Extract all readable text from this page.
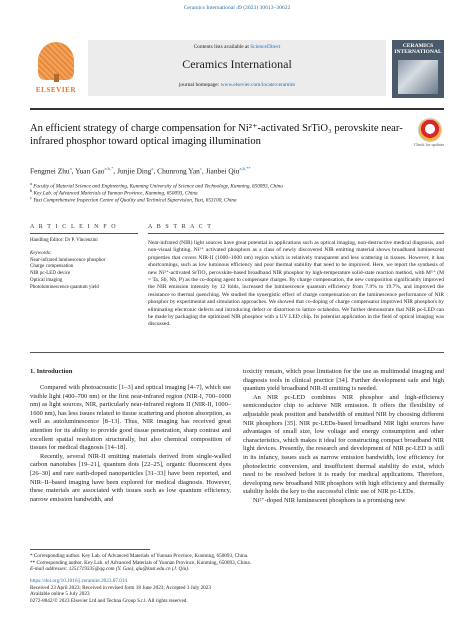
Ceramics International 49 (2023) 30613–30622
ELSEVIER
Contents lists available at ScienceDirect
Ceramics International
journal homepage: www.elsevier.com/locate/ceramint
CERAMICS INTERNATIONAL
An efficient strategy of charge compensation for Ni²⁺-activated SrTiO₃ perovskite near-infrared phosphor toward optical imaging illumination	Check for updates
Fengmei Zhu$^a$, Yuan Gao$^{a,b,*}$, Junjie Ding$^a$, Chunrong Yan$^c$, Jianbei Qiu$^{a,b,**}$
$^a$ Faculty of Material Science and Engineering, Kunming University of Science and Technology, Kunming, 650093, China
$^b$ Key Lab. of Advanced Materials of Yunnan Province, Kunming, 650093, China
$^c$ Yuxi Comprehensive Inspection Centre of Quality and Technical Supervision, Yuxi, 653100, China
A R T I C L E I N F O	A B S T R A C T

Handling Editor: Dr P. Vincenzini

Keywords:

Near-infrared luminescence phosphor

Charge compensation

NIR pc-LED device

Optical imaging

Photoluminescence quantum yield

Near-infrared (NIR) light sources have great potential in applications such as optical imaging, non-destructive medical diagnosis, and non-visual lighting. Ni²⁺ activated phosphors as a class of newly discovered NIR emitting material shows broadband luminescent properties that covers NIR-II (1000–1600 nm) region which is relatively transparent and less scattering in tissues. However, it has shortcomings, such as low luminous efficiency and poor thermal stability that need to be improved. Here, we report the synthesis of new Ni²⁺-activated SrTiO₃ perovskite-based broadband NIR phosphor by high-temperature solid-state reaction method, with M⁵⁺ (M = Ta, Sb, Nb, P) as the co-doping agent to compensate charges. By charge compensation, the new composition significantly improved the NIR emission intensity by 12 folds, increased the luminescence quantum efficiency from 7.9% to 19.7%, and improved the resistance to thermal quenching. We studied the synergistic effect of charge compensation on the luminescence performance of NIR phosphor by experimental and simulation approaches. We showed that co-doping of charge compensator improved NIR phosphors by eliminating electronic defects and introducing defect or distortion to lattice octahedra. We further demonstrate that NIR pc-LED can be made by packaging the optimized NIR phosphor with a UV LED chip. Its potential application in the field of optical imaging was discussed.
1. Introduction

Compared with photoacoustic [1–3] and optical imaging [4–7], which use visible light (400–700 nm) or the first near-infrared region (NIR-I, 700–1000 nm) as light sources, NIR, particularly near-infrared regions II (NIR-II, 1000–1600 nm), has less issues related to tissue scattering and photon absorption, as well as autoluminescence [8–13]. Thus, NIR imaging has received great attention for its ability to provide good tissue penetration, sharp contrast and excellent spatial resolution structurally, but also chemical composition of tissues for medical diagnosis [14–18].

Recently, several NIR-II emitting materials derived from single-walled carbon nanotubes [19–21], quantum dots [22–25], organic fluorescent dyes [26–30] and rare earth-doped nanoparticles [31–33] have been reported, and NIR–II–based imaging have been explored for medical diagnosis. However, these materials are associated with issues such as low quantum efficiency, narrow emission bandwidth, and

toxicity remain, which pose limitation for the use as multimodal imaging and diagnosis tools in clinical practice [34]. Further development safe and high quantum yield broadband NIR-II emitting is needed.

An NIR pc-LED combines NIR phosphor and high-efficiency semiconductor chip to achieve NIR emission. It offers the flexibility of adjustable peak position and bandwidth of emitted NIR by choosing different NIR phosphors [35]. NIR pc-LEDs-based broadband NIR light sources have advantages of small size, low voltage and energy consumption and other characteristics, which makes it ideal for constructing compact broadband NIR light devices. Presently, the research and development of NIR pc-LED is still in its infancy, issues such as narrow emission bandwidth, low efficiency for photoelectric conversion, and insufficient thermal stability do exist, which need to be resolved before it is ready for medical applications. Therefore, developing new broadband NIR phosphors with high efficiency and thermally stability holds the key to the successful clinic use of NIR pc-LEDs.

Ni²⁺-doped NIR luminescent phosphors is a promising new

* Corresponding author. Key Lab. of Advanced Materials of Yunnan Province, Kunming, 650093, China.

** Corresponding author. Key Lab. of Advanced Materials of Yunnan Province, Kunming, 650093, China.

E-mail addresses: 1251719335@qq.com (Y. Gao), qiu@kust.edu.cn (J. Qiu).

https://doi.org/10.1016/j.ceramint.2023.07.014

Received 23 April 2023; Received in revised form 18 June 2023; Accepted 3 July 2023

Available online 5 July 2023

0272-8842/© 2023 Elsevier Ltd and Techna Group S.r.l. All rights reserved.
